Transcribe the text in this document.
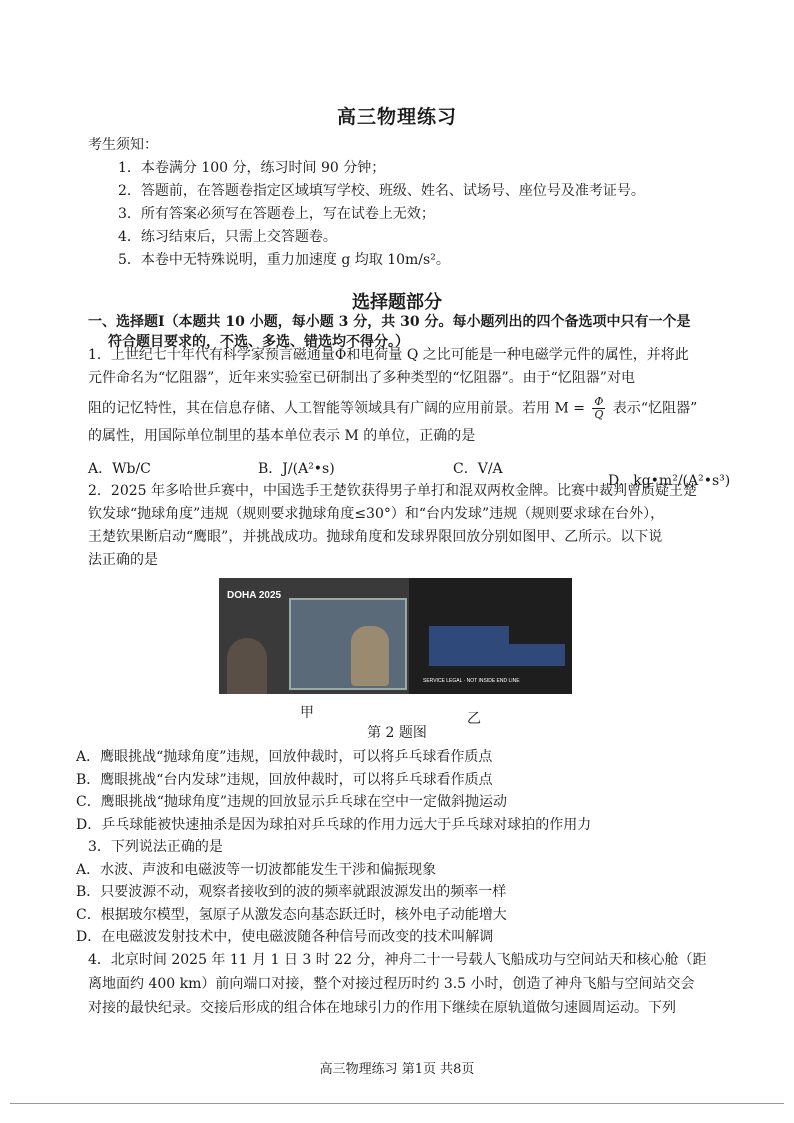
高三物理练习
考生须知：
1．本卷满分 100 分，练习时间 90 分钟；
2．答题前，在答题卷指定区域填写学校、班级、姓名、试场号、座位号及准考证号。
3．所有答案必须写在答题卷上，写在试卷上无效；
4．练习结束后，只需上交答题卷。
5．本卷中无特殊说明，重力加速度 g 均取 10m/s²。
选择题部分
一、选择题Ⅰ（本题共 10 小题，每小题 3 分，共 30 分。每小题列出的四个备选项中只有一个是
符合题目要求的，不选、多选、错选均不得分。）

1．上世纪七十年代有科学家预言磁通量Φ和电荷量 Q 之比可能是一种电磁学元件的属性，并将此

元件命名为“忆阻器”，近年来实验室已研制出了多种类型的“忆阻器”。由于“忆阻器”对电

阻的记忆特性，其在信息存储、人工智能等领域具有广阔的应用前景。若用 $M = \frac{\Phi}{Q}$ 表示“忆阻器”

的属性，用国际单位制里的基本单位表示 M 的单位，正确的是

A．Wb/C	B．J/(A²•s)	C．V/A
D．kg•m²/(A²•s³)

2．2025 年多哈世乒赛中，中国选手王楚钦获得男子单打和混双两枚金牌。比赛中裁判曾质疑王楚

钦发球“抛球角度”违规（规则要求抛球角度≤30°）和“台内发球”违规（规则要求球在台外），

王楚钦果断启动“鹰眼”，并挑战成功。抛球角度和发球界限回放分别如图甲、乙所示。以下说

法正确的是

DOHA 2025
SERVICE LEGAL · NOT INSIDE END LINE
甲	乙
第 2 题图
A．鹰眼挑战“抛球角度”违规，回放仲裁时，可以将乒乓球看作质点
B．鹰眼挑战“台内发球”违规，回放仲裁时，可以将乒乓球看作质点
C．鹰眼挑战“抛球角度”违规的回放显示乒乓球在空中一定做斜抛运动
D．乒乓球能被快速抽杀是因为球拍对乒乓球的作用力远大于乒乓球对球拍的作用力
3．下列说法正确的是
A．水波、声波和电磁波等一切波都能发生干涉和偏振现象
B．只要波源不动，观察者接收到的波的频率就跟波源发出的频率一样
C．根据玻尔模型，氢原子从激发态向基态跃迁时，核外电子动能增大
D．在电磁波发射技术中，使电磁波随各种信号而改变的技术叫解调

4．北京时间 2025 年 11 月 1 日 3 时 22 分，神舟二十一号载人飞船成功与空间站天和核心舱（距

离地面约 400 km）前向端口对接，整个对接过程历时约 3.5 小时，创造了神舟飞船与空间站交会

对接的最快纪录。交接后形成的组合体在地球引力的作用下继续在原轨道做匀速圆周运动。下列

高三物理练习 第1页 共8页
